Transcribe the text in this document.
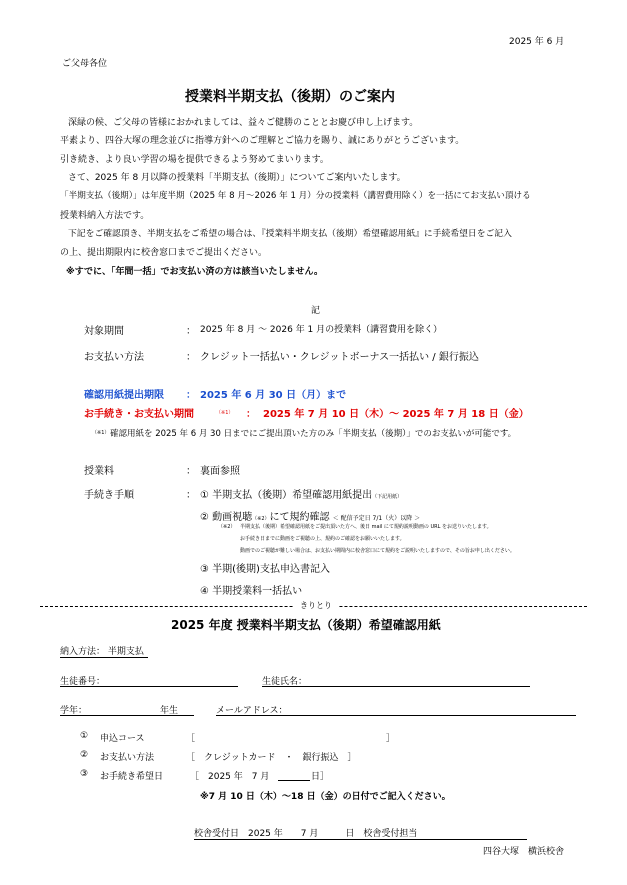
2025 年 6 月
ご父母各位
授業料半期支払（後期）のご案内
深緑の候、ご父母の皆様におかれましては、益々ご健勝のこととお慶び申し上げます。
平素より、四谷大塚の理念並びに指導方針へのご理解とご協力を賜り、誠にありがとうございます。
引き続き、より良い学習の場を提供できるよう努めてまいります。
さて、2025 年 8 月以降の授業料「半期支払（後期）」についてご案内いたします。
「半期支払（後期）」は年度半期（2025 年 8 月～2026 年 1 月）分の授業料（講習費用除く）を一括にてお支払い頂ける
授業料納入方法です。
下記をご確認頂き、半期支払をご希望の場合は、『授業料半期支払（後期）希望確認用紙』に手続希望日をご記入
の上、提出期限内に校舎窓口までご提出ください。
※すでに、「年間一括」でお支払い済の方は該当いたしません。
記
対象期間	： 2025 年 8 月 ～ 2026 年 1 月の授業料（講習費用を除く）
お支払い方法	： クレジット一括払い・クレジットボーナス一括払い / 銀行振込
確認用紙提出期限 ： 2025 年 6 月 30 日（月）まで
お手続き・お支払い期間	（※1） ： 2025 年 7 月 10 日（木）～ 2025 年 7 月 18 日（金）
（※1） 確認用紙を 2025 年 6 月 30 日までにご提出頂いた方のみ「半期支払（後期）」でのお支払いが可能です。
授業料	： 裏面参照
手続き手順	： ① 半期支払（後期）希望確認用紙提出（下記用紙）
② 動画視聴（※2）にて規約確認 ＜ 配信予定日 7/1（火）以降 ＞
（※2） 半期支払（後期）希望確認用紙をご提出頂いた方へ、後日 mail にて規約説明動画の URL をお送りいたします。
お手続き日までに動画をご視聴の上、規約のご確認をお願いいたします。
動画でのご視聴が難しい場合は、お支払い期間内に校舎窓口にて規約をご説明いたしますので、その旨お申し出ください。
③ 半期(後期)支払申込書記入
④ 半期授業料一括払い
きりとり
2025 年度 授業料半期支払（後期）希望確認用紙
納入方法： 半期支払
生徒番号：	生徒氏名：
学年：	年生	メールアドレス：
① 申込コース	［	］
② お支払い方法	［　クレジットカード　・　銀行振込　］
③ お手続き希望日	［　2025 年　7 月	日］
※7 月 10 日（木）～18 日（金）の日付でご記入ください。
校舎受付日　2025 年　　7 月　　　日　校舎受付担当
四谷大塚　横浜校舎
